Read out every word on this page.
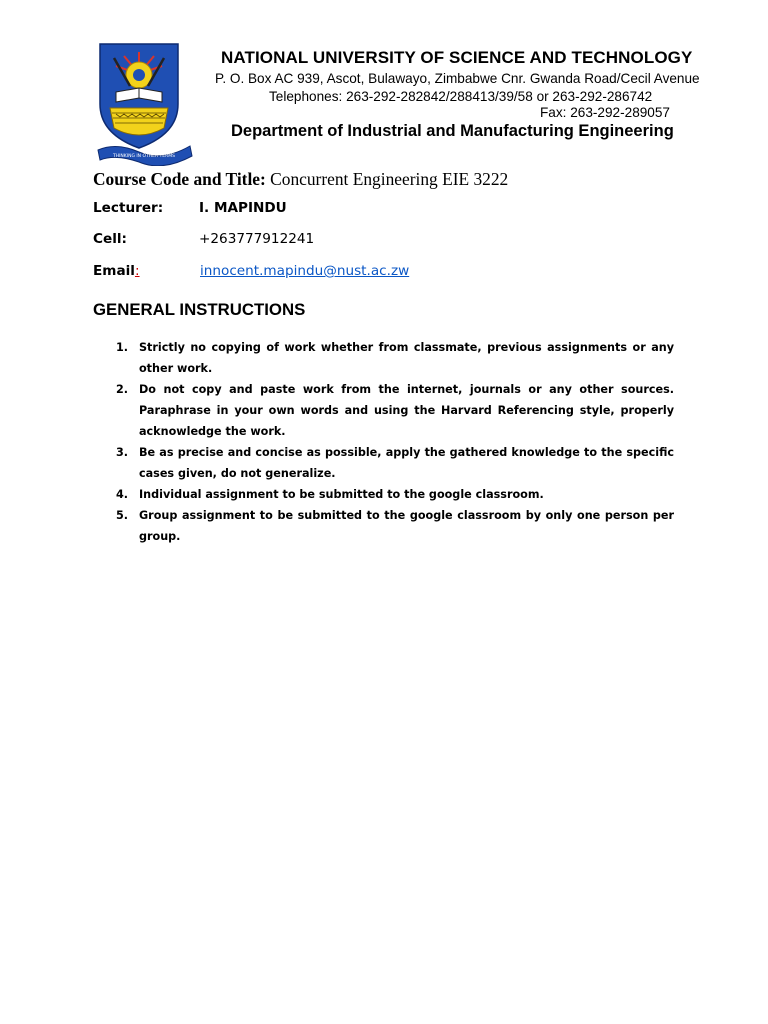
THINKING IN OTHER TERMS
NATIONAL UNIVERSITY OF SCIENCE AND TECHNOLOGY
P. O. Box AC 939, Ascot, Bulawayo, Zimbabwe Cnr. Gwanda Road/Cecil Avenue
Telephones: 263-292-282842/288413/39/58 or 263-292-286742
Fax: 263-292-289057
Department of Industrial and Manufacturing Engineering
Course Code and Title: Concurrent Engineering EIE 3222
Lecturer:	I. MAPINDU
Cell:	+263777912241
Email:	innocent.mapindu@nust.ac.zw
GENERAL INSTRUCTIONS
1. Strictly no copying of work whether from classmate, previous assignments or any other work.
2. Do not copy and paste work from the internet, journals or any other sources. Paraphrase in your own words and using the Harvard Referencing style, properly acknowledge the work.
3. Be as precise and concise as possible, apply the gathered knowledge to the specific cases given, do not generalize.
4. Individual assignment to be submitted to the google classroom.
5. Group assignment to be submitted to the google classroom by only one person per group.
